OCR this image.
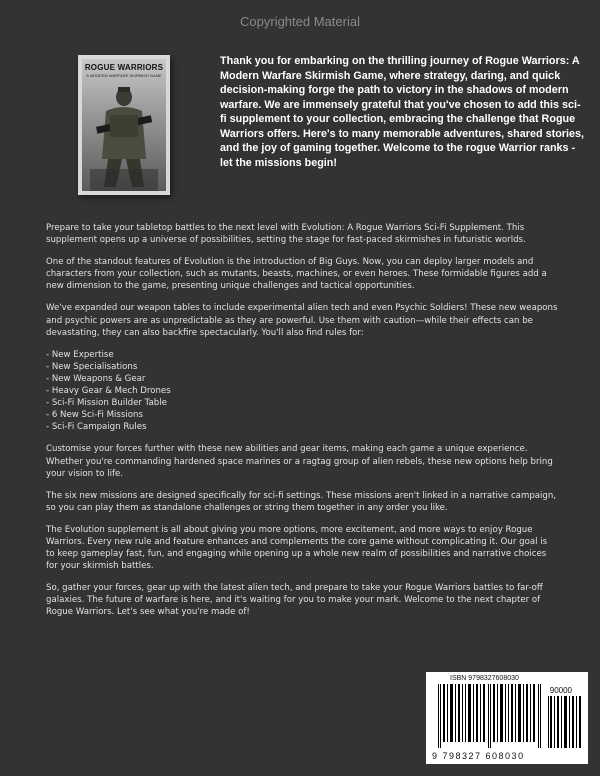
Copyrighted Material
ROGUE WARRIORS
A MODERN WARFARE SKIRMISH GAME

Thank you for embarking on the thrilling journey of Rogue Warriors: A Modern Warfare Skirmish Game, where strategy, daring, and quick decision-making forge the path to victory in the shadows of modern warfare. We are immensely grateful that you've chosen to add this sci-fi supplement to your collection, embracing the challenge that Rogue Warriors offers. Here's to many memorable adventures, shared stories, and the joy of gaming together. Welcome to the rogue Warrior ranks - let the missions begin!

Prepare to take your tabletop battles to the next level with Evolution: A Rogue Warriors Sci-Fi Supplement. This supplement opens up a universe of possibilities, setting the stage for fast-paced skirmishes in futuristic worlds.

One of the standout features of Evolution is the introduction of Big Guys. Now, you can deploy larger models and characters from your collection, such as mutants, beasts, machines, or even heroes. These formidable figures add a new dimension to the game, presenting unique challenges and tactical opportunities.

We've expanded our weapon tables to include experimental alien tech and even Psychic Soldiers! These new weapons and psychic powers are as unpredictable as they are powerful. Use them with caution—while their effects can be devastating, they can also backfire spectacularly. You'll also find rules for:

- New Expertise
- New Specialisations
- New Weapons & Gear
- Heavy Gear & Mech Drones
- Sci-Fi Mission Builder Table
- 6 New Sci-Fi Missions
- Sci-Fi Campaign Rules

Customise your forces further with these new abilities and gear items, making each game a unique experience. Whether you're commanding hardened space marines or a ragtag group of alien rebels, these new options help bring your vision to life.

The six new missions are designed specifically for sci-fi settings. These missions aren't linked in a narrative campaign, so you can play them as standalone challenges or string them together in any order you like.

The Evolution supplement is all about giving you more options, more excitement, and more ways to enjoy Rogue Warriors. Every new rule and feature enhances and complements the core game without complicating it. Our goal is to keep gameplay fast, fun, and engaging while opening up a whole new realm of possibilities and narrative choices for your skirmish battles.

So, gather your forces, gear up with the latest alien tech, and prepare to take your Rogue Warriors battles to far-off galaxies. The future of warfare is here, and it's waiting for you to make your mark. Welcome to the next chapter of Rogue Warriors. Let's see what you're made of!

ISBN 9798327608030
90000
9 798327 608030
